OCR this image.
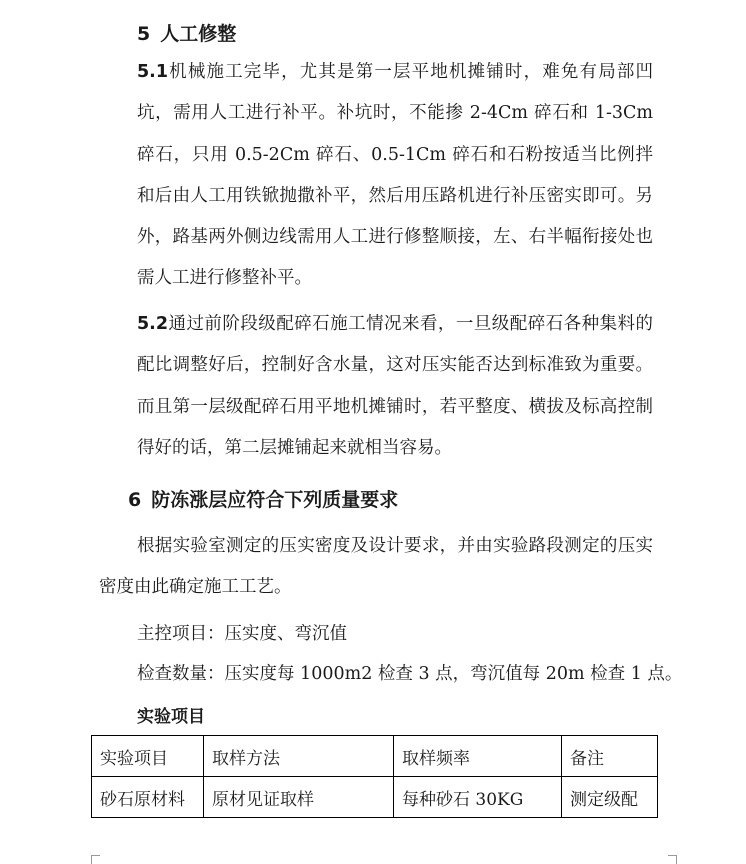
5 人工修整
5.1机械施工完毕，尤其是第一层平地机摊铺时，难免有局部凹坑，需用人工进行补平。补坑时，不能掺 2-4Cm 碎石和 1-3Cm 碎石，只用 0.5-2Cm 碎石、0.5-1Cm 碎石和石粉按适当比例拌和后由人工用铁锨抛撒补平，然后用压路机进行补压密实即可。另外，路基两外侧边线需用人工进行修整顺接，左、右半幅衔接处也需人工进行修整补平。
5.2通过前阶段级配碎石施工情况来看，一旦级配碎石各种集料的配比调整好后，控制好含水量，这对压实能否达到标准致为重要。而且第一层级配碎石用平地机摊铺时，若平整度、横拔及标高控制得好的话，第二层摊铺起来就相当容易。
6 防冻涨层应符合下列质量要求
根据实验室测定的压实密度及设计要求，并由实验路段测定的压实密度由此确定施工工艺。
主控项目：压实度、弯沉值
检查数量：压实度每 1000m2 检查 3 点，弯沉值每 20m 检查 1 点。
实验项目
实验项目	取样方法	取样频率	备注
砂石原材料	原材见证取样	每种砂石 30KG	测定级配
